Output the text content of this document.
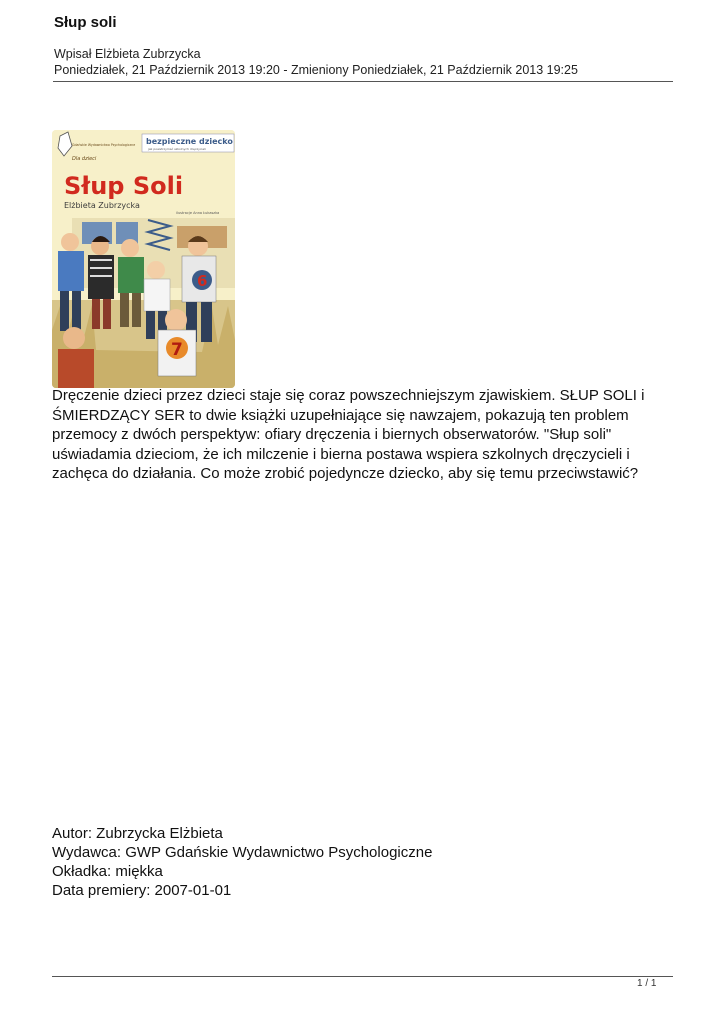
Słup soli
Wpisał Elżbieta Zubrzycka
Poniedziałek, 21 Październik 2013 19:20 - Zmieniony Poniedziałek, 21 Październik 2013 19:25
Gdańskie Wydawnictwo Psychologiczne
Dla dzieci
bezpieczne dziecko
jak powstrzymać szkolnych dręczycieli
Słup Soli
Elżbieta Zubrzycka
ilustracje Anna Łukaszka
6
7
Dręczenie dzieci przez dzieci staje się coraz powszechniejszym zjawiskiem. SŁUP SOLI i ŚMIERDZĄCY SER to dwie książki uzupełniające się nawzajem, pokazują ten problem przemocy z dwóch perspektyw: ofiary dręczenia i biernych obserwatorów. "Słup soli" uświadamia dzieciom, że ich milczenie i bierna postawa wspiera szkolnych dręczycieli i zachęca do działania. Co może zrobić pojedyncze dziecko, aby się temu przeciwstawić?
Autor: Zubrzycka Elżbieta
Wydawca: GWP Gdańskie Wydawnictwo Psychologiczne
Okładka: miękka
Data premiery: 2007-01-01
1 / 1
